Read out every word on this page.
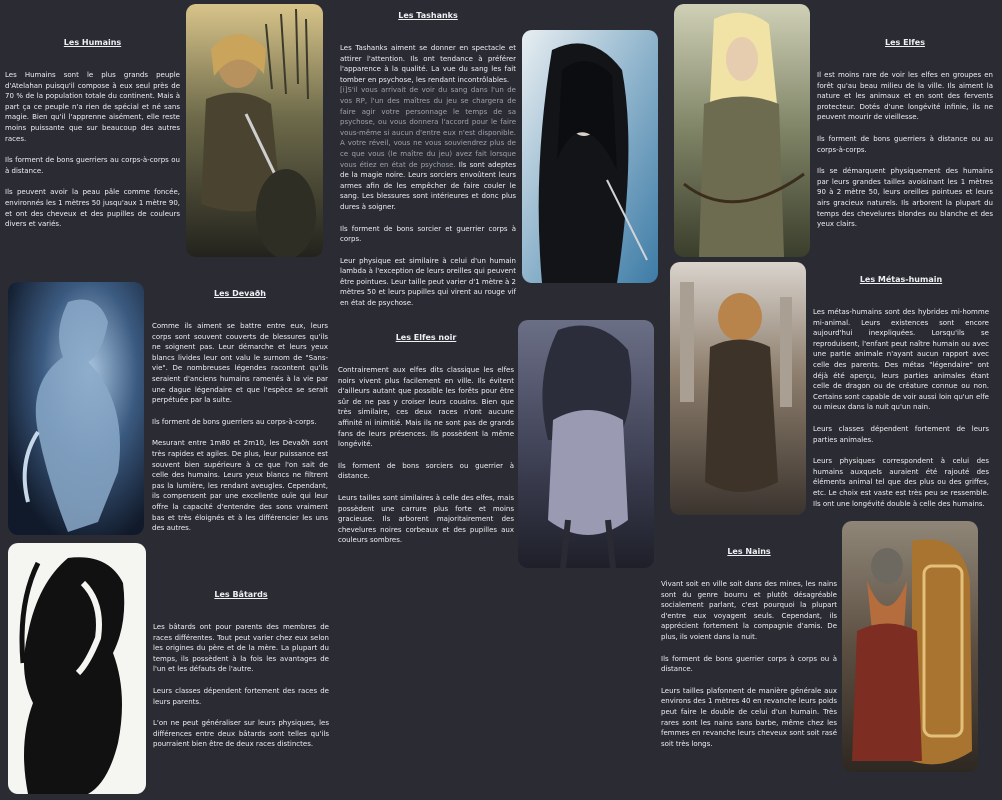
Les Humains
Les Humains sont le plus grands peuple d'Atelahan puisqu'il compose à eux seul près de 70 % de la population totale du continent. Mais à part ça ce peuple n'a rien de spécial et né sans magie. Bien qu'il l'apprenne aisément, elle reste moins puissante que sur beaucoup des autres races.
Ils forment de bons guerriers au corps-à-corps ou à distance.
Ils peuvent avoir la peau pâle comme foncée, environnés les 1 mètres 50 jusqu'aux 1 mètre 90, et ont des cheveux et des pupilles de couleurs divers et variés.
Les Tashanks
Les Tashanks aiment se donner en spectacle et attirer l'attention. Ils ont tendance à préférer l'apparence à la qualité. La vue du sang les fait tomber en psychose, les rendant incontrôlables.
[i]S'il vous arrivait de voir du sang dans l'un de vos RP, l'un des maîtres du jeu se chargera de faire agir votre personnage le temps de sa psychose, ou vous donnera l'accord pour le faire vous-même si aucun d'entre eux n'est disponible. A votre réveil, vous ne vous souviendrez plus de ce que vous (le maître du jeu) avez fait lorsque vous étiez en état de psychose. Ils sont adeptes de la magie noire. Leurs sorciers envoûtent leurs armes afin de les empêcher de faire couler le sang. Les blessures sont intérieures et donc plus dures à soigner.
Ils forment de bons sorcier et guerrier corps à corps.
Leur physique est similaire à celui d'un humain lambda à l'exception de leurs oreilles qui peuvent être pointues. Leur taille peut varier d'1 mètre à 2 mètres 50 et leurs pupilles qui virent au rouge vif en état de psychose.
Les Elfes
Il est moins rare de voir les elfes en groupes en forêt qu'au beau milieu de la ville. Ils aiment la nature et les animaux et en sont des fervents protecteur. Dotés d'une longévité infinie, ils ne peuvent mourir de vieillesse.
Ils forment de bons guerriers à distance ou au corps-à-corps.
Ils se démarquent physiquement des humains par leurs grandes tailles avoisinant les 1 mètres 90 à 2 mètre 50, leurs oreilles pointues et leurs airs gracieux naturels. Ils arborent la plupart du temps des chevelures blondes ou blanche et des yeux clairs.
Les Devaðh
Comme ils aiment se battre entre eux, leurs corps sont souvent couverts de blessures qu'ils ne soignent pas. Leur démarche et leurs yeux blancs livides leur ont valu le surnom de "Sans-vie". De nombreuses légendes racontent qu'ils seraient d'anciens humains ramenés à la vie par une dague légendaire et que l'espèce se serait perpétuée par la suite.
Ils forment de bons guerriers au corps-à-corps.
Mesurant entre 1m80 et 2m10, les Devaðh sont très rapides et agiles. De plus, leur puissance est souvent bien supérieure à ce que l'on sait de celle des humains. Leurs yeux blancs ne filtrent pas la lumière, les rendant aveugles. Cependant, ils compensent par une excellente ouïe qui leur offre la capacité d'entendre des sons vraiment bas et très éloignés et à les différencier les uns des autres.
Les Elfes noir
Contrairement aux elfes dits classique les elfes noirs vivent plus facilement en ville. Ils évitent d'ailleurs autant que possible les forêts pour être sûr de ne pas y croiser leurs cousins. Bien que très similaire, ces deux races n'ont aucune affinité ni inimitié. Mais ils ne sont pas de grands fans de leurs présences. Ils possèdent la même longévité.
Ils forment de bons sorciers ou guerrier à distance.
Leurs tailles sont similaires à celle des elfes, mais possèdent une carrure plus forte et moins gracieuse. Ils arborent majoritairement des chevelures noires corbeaux et des pupilles aux couleurs sombres.
Les Métas-humain
Les métas-humains sont des hybrides mi-homme mi-animal. Leurs existences sont encore aujourd'hui inexpliquées. Lorsqu'ils se reproduisent, l'enfant peut naître humain ou avec une partie animale n'ayant aucun rapport avec celle des parents. Des métas "légendaire" ont déjà été aperçu, leurs parties animales étant celle de dragon ou de créature connue ou non. Certains sont capable de voir aussi loin qu'un elfe ou mieux dans la nuit qu'un nain.
Leurs classes dépendent fortement de leurs parties animales.
Leurs physiques correspondent à celui des humains auxquels auraient été rajouté des éléments animal tel que des plus ou des griffes, etc. Le choix est vaste est très peu se ressemble. Ils ont une longévité double à celle des humains.
Les Bâtards
Les bâtards ont pour parents des membres de races différentes. Tout peut varier chez eux selon les origines du père et de la mère. La plupart du temps, ils possèdent à la fois les avantages de l'un et les défauts de l'autre.
Leurs classes dépendent fortement des races de leurs parents.
L'on ne peut généraliser sur leurs physiques, les différences entre deux bâtards sont telles qu'ils pourraient bien être de deux races distinctes.
Les Nains
Vivant soit en ville soit dans des mines, les nains sont du genre bourru et plutôt désagréable socialement parlant, c'est pourquoi la plupart d'entre eux voyagent seuls. Cependant, ils apprécient fortement la compagnie d'amis. De plus, ils voient dans la nuit.
Ils forment de bons guerrier corps à corps ou à distance.
Leurs tailles plafonnent de manière générale aux environs des 1 mètres 40 en revanche leurs poids peut faire le double de celui d'un humain. Très rares sont les nains sans barbe, même chez les femmes en revanche leurs cheveux sont soit rasé soit très longs.
